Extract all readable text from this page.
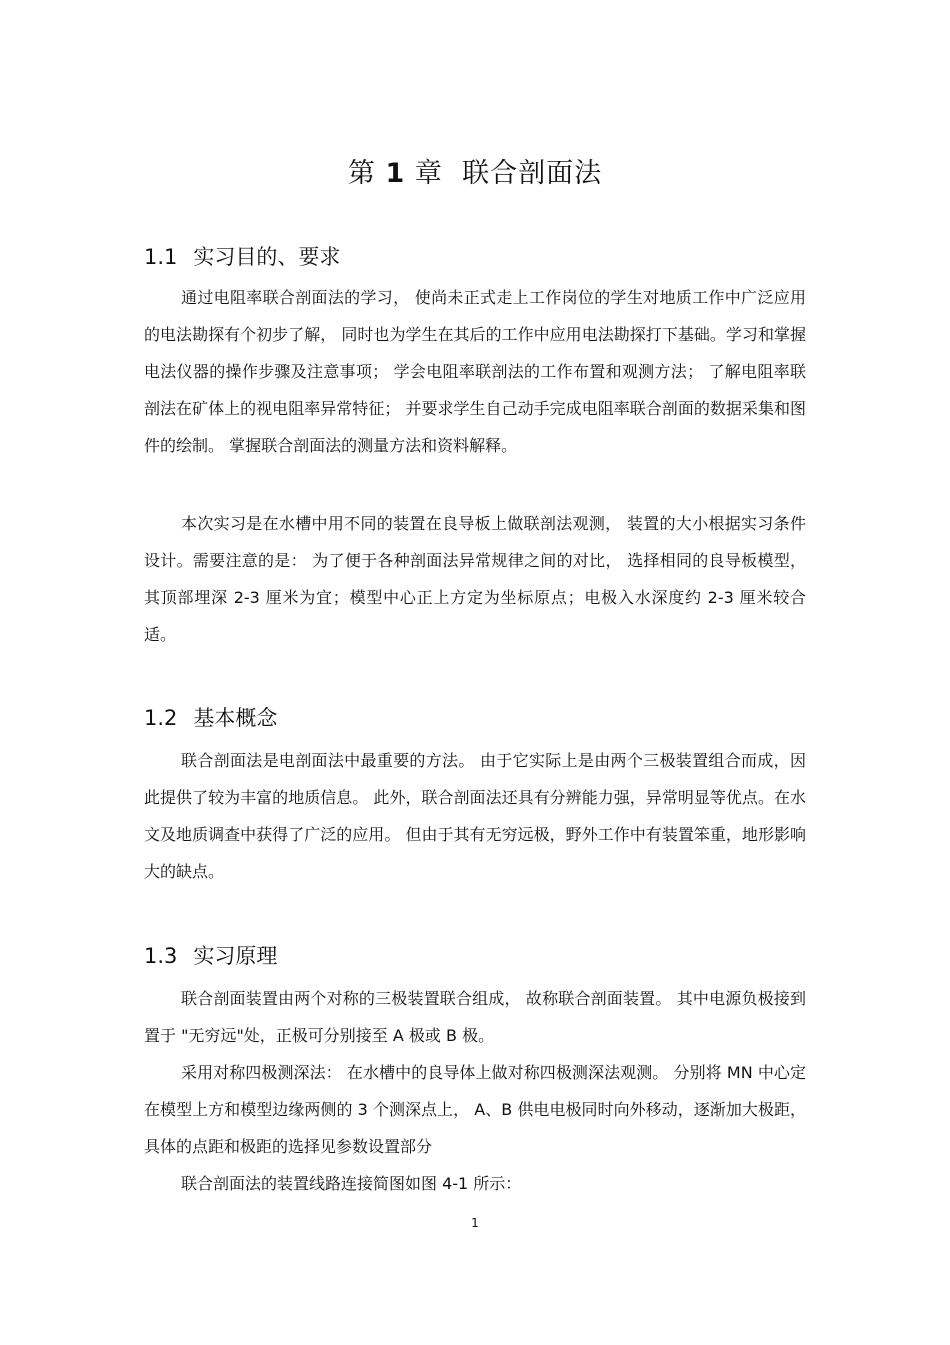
第 1 章 联合剖面法
1.1 实习目的、要求

通过电阻率联合剖面法的学习， 使尚未正式走上工作岗位的学生对地质工作中广泛应用的电法勘探有个初步了解， 同时也为学生在其后的工作中应用电法勘探打下基础。学习和掌握电法仪器的操作步骤及注意事项； 学会电阻率联剖法的工作布置和观测方法； 了解电阻率联剖法在矿体上的视电阻率异常特征； 并要求学生自己动手完成电阻率联合剖面的数据采集和图件的绘制。 掌握联合剖面法的测量方法和资料解释。

本次实习是在水槽中用不同的装置在良导板上做联剖法观测， 装置的大小根据实习条件设计。需要注意的是： 为了便于各种剖面法异常规律之间的对比， 选择相同的良导板模型， 其顶部埋深 2-3 厘米为宜；模型中心正上方定为坐标原点；电极入水深度约 2-3 厘米较合适。

1.2 基本概念

联合剖面法是电剖面法中最重要的方法。 由于它实际上是由两个三极装置组合而成，因此提供了较为丰富的地质信息。 此外，联合剖面法还具有分辨能力强，异常明显等优点。在水文及地质调查中获得了广泛的应用。 但由于其有无穷远极，野外工作中有装置笨重，地形影响大的缺点。

1.3 实习原理

联合剖面装置由两个对称的三极装置联合组成， 故称联合剖面装置。 其中电源负极接到置于 "无穷远"处，正极可分别接至 A 极或 B 极。

采用对称四极测深法： 在水槽中的良导体上做对称四极测深法观测。 分别将 MN 中心定在模型上方和模型边缘两侧的 3 个测深点上， A、B 供电电极同时向外移动，逐渐加大极距，具体的点距和极距的选择见参数设置部分

联合剖面法的装置线路连接简图如图 4-1 所示：

1
